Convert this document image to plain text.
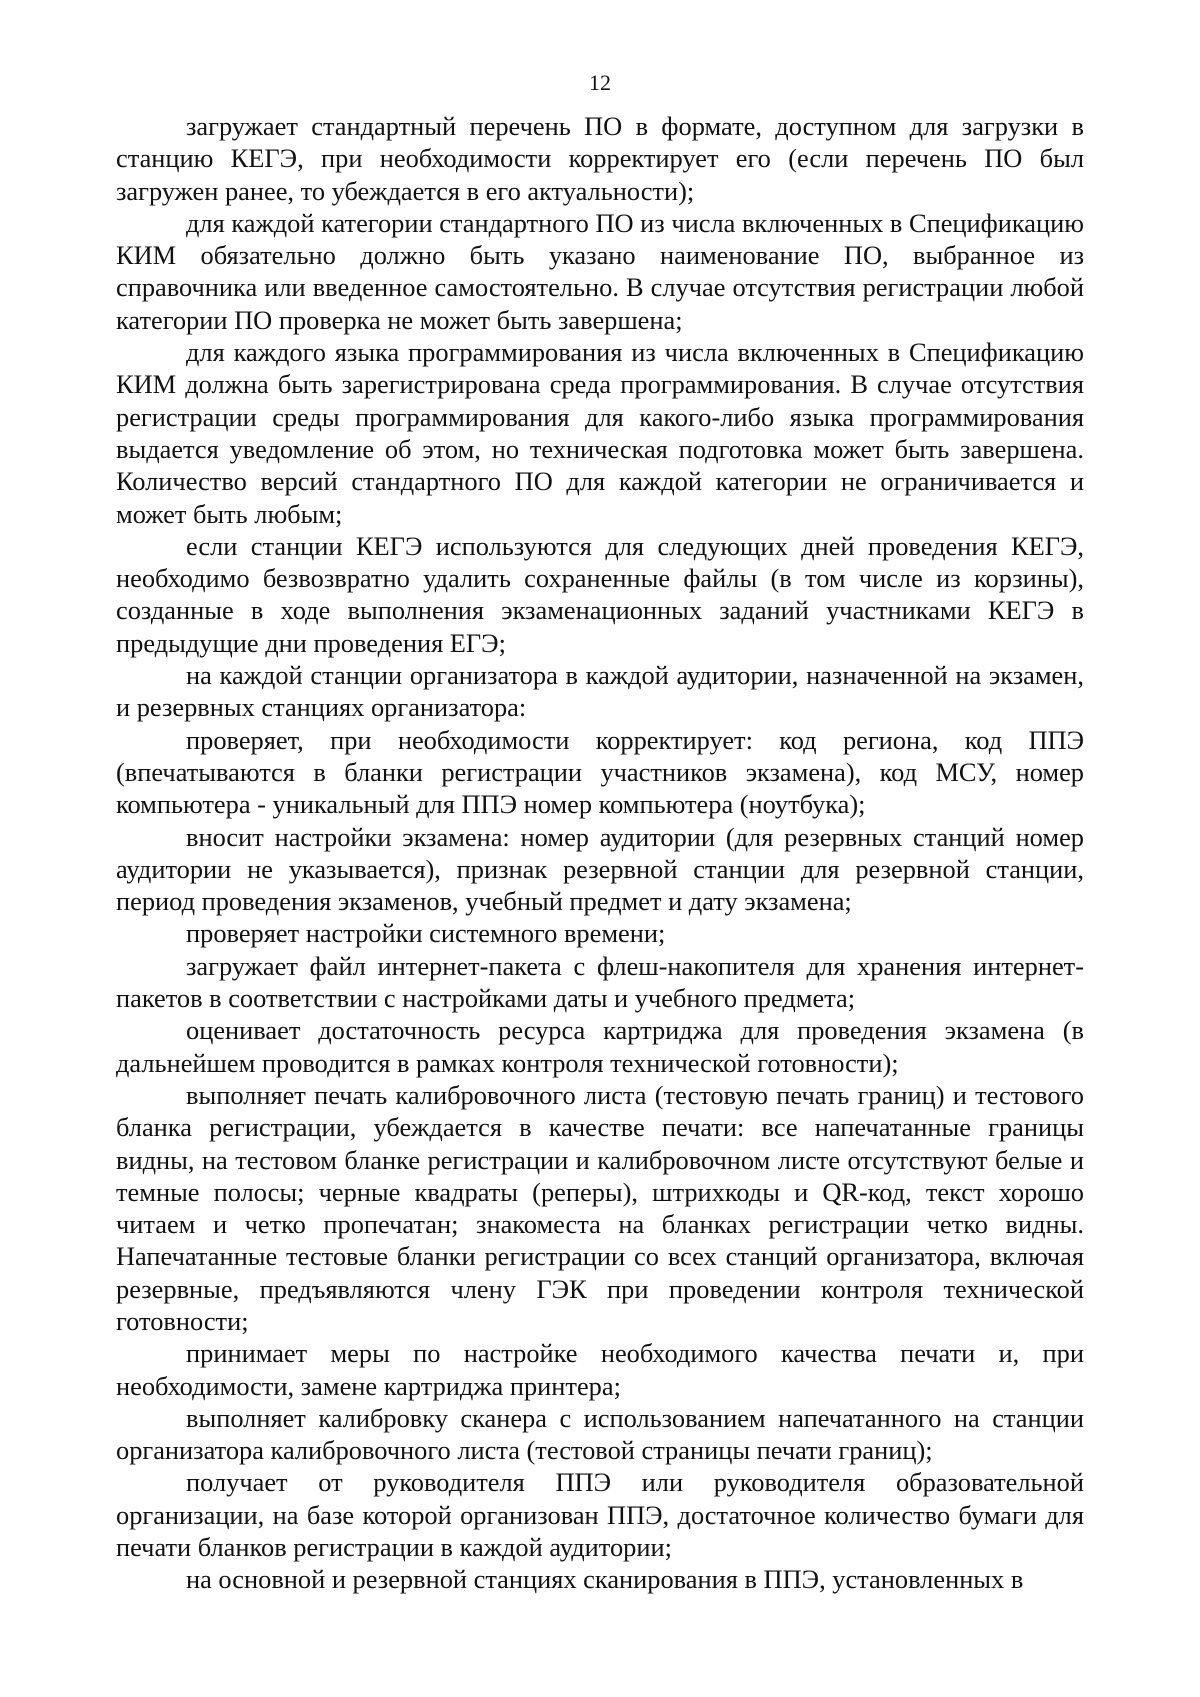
12

загружает стандартный перечень ПО в формате, доступном для загрузки в станцию КЕГЭ, при необходимости корректирует его (если перечень ПО был загружен ранее, то убеждается в его актуальности);

для каждой категории стандартного ПО из числа включенных в Спецификацию КИМ обязательно должно быть указано наименование ПО, выбранное из справочника или введенное самостоятельно. В случае отсутствия регистрации любой категории ПО проверка не может быть завершена;

для каждого языка программирования из числа включенных в Спецификацию КИМ должна быть зарегистрирована среда программирования. В случае отсутствия регистрации среды программирования для какого-либо языка программирования выдается уведомление об этом, но техническая подготовка может быть завершена. Количество версий стандартного ПО для каждой категории не ограничивается и может быть любым;

если станции КЕГЭ используются для следующих дней проведения КЕГЭ, необходимо безвозвратно удалить сохраненные файлы (в том числе из корзины), созданные в ходе выполнения экзаменационных заданий участниками КЕГЭ в предыдущие дни проведения ЕГЭ;

на каждой станции организатора в каждой аудитории, назначенной на экзамен, и резервных станциях организатора:

проверяет, при необходимости корректирует: код региона, код ППЭ (впечатываются в бланки регистрации участников экзамена), код МСУ, номер компьютера - уникальный для ППЭ номер компьютера (ноутбука);

вносит настройки экзамена: номер аудитории (для резервных станций номер аудитории не указывается), признак резервной станции для резервной станции, период проведения экзаменов, учебный предмет и дату экзамена;

проверяет настройки системного времени;

загружает файл интернет-пакета с флеш-накопителя для хранения интернет-пакетов в соответствии с настройками даты и учебного предмета;

оценивает достаточность ресурса картриджа для проведения экзамена (в дальнейшем проводится в рамках контроля технической готовности);

выполняет печать калибровочного листа (тестовую печать границ) и тестового бланка регистрации, убеждается в качестве печати: все напечатанные границы видны, на тестовом бланке регистрации и калибровочном листе отсутствуют белые и темные полосы; черные квадраты (реперы), штрихкоды и QR-код, текст хорошо читаем и четко пропечатан; знакоместа на бланках регистрации четко видны. Напечатанные тестовые бланки регистрации со всех станций организатора, включая резервные, предъявляются члену ГЭК при проведении контроля технической готовности;

принимает меры по настройке необходимого качества печати и, при необходимости, замене картриджа принтера;

выполняет калибровку сканера с использованием напечатанного на станции организатора калибровочного листа (тестовой страницы печати границ);

получает от руководителя ППЭ или руководителя образовательной организации, на базе которой организован ППЭ, достаточное количество бумаги для печати бланков регистрации в каждой аудитории;

на основной и резервной станциях сканирования в ППЭ, установленных в
